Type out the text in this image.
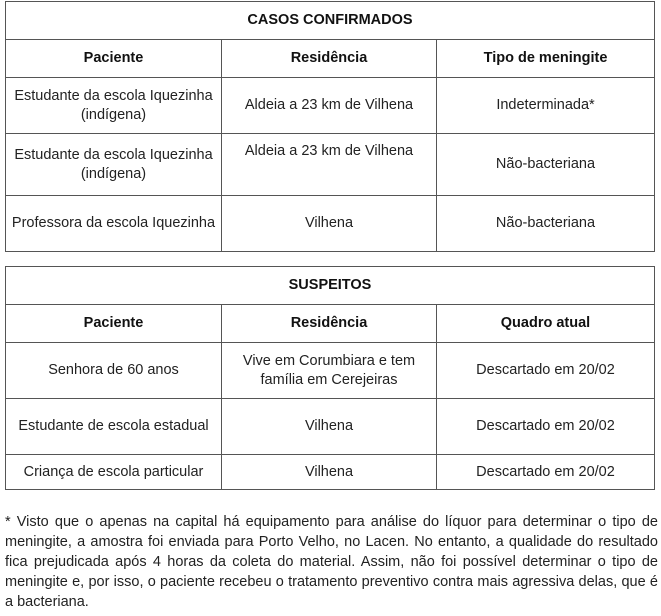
CASOS CONFIRMADOS		
Paciente	Residência	Tipo de meningite
Estudante da escola Iquezinha (indígena)	Aldeia a 23 km de Vilhena	Indeterminada*
Estudante da escola Iquezinha (indígena)	Aldeia a 23 km de Vilhena	Não-bacteriana
Professora da escola Iquezinha	Vilhena	Não-bacteriana
SUSPEITOS		
Paciente	Residência	Quadro atual
Senhora de 60 anos	Vive em Corumbiara e tem família em Cerejeiras	Descartado em 20/02
Estudante de escola estadual	Vilhena	Descartado em 20/02
Criança de escola particular	Vilhena	Descartado em 20/02

* Visto que o apenas na capital há equipamento para análise do líquor para determinar o tipo de meningite, a amostra foi enviada para Porto Velho, no Lacen. No entanto, a qualidade do resultado fica prejudicada após 4 horas da coleta do material. Assim, não foi possível determinar o tipo de meningite e, por isso, o paciente recebeu o tratamento preventivo contra mais agressiva delas, que é a bacteriana.
